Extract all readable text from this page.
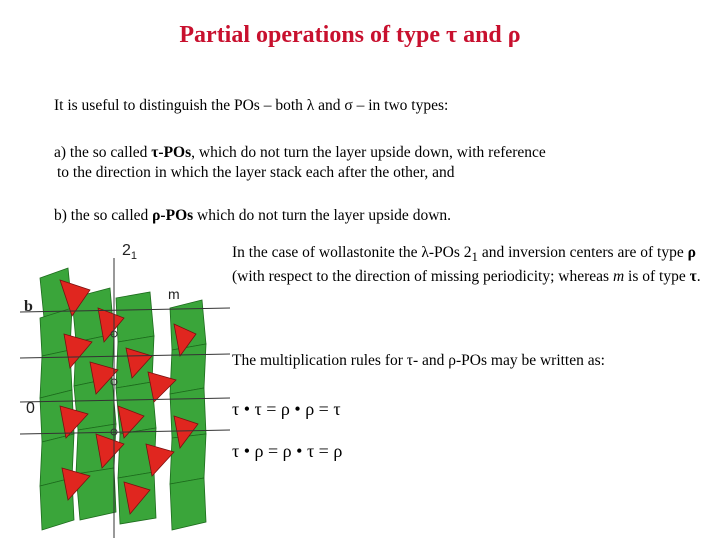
Partial operations of type τ and ρ
It is useful to distinguish the POs – both λ and σ – in two types:
a) the so called τ-POs, which do not turn the layer upside down, with reference
to the direction in which the layer stack each after the other, and
b) the so called ρ-POs which do not turn the layer upside down.
In the case of wollastonite the λ-POs $2_1$ and inversion centers are of type ρ (with respect to the direction of missing periodicity; whereas m is of type τ.
The multiplication rules for τ- and ρ-POs may be written as:
τ • τ = ρ • ρ = τ
τ • ρ = ρ • τ = ρ
b
0
$2_1$
m
